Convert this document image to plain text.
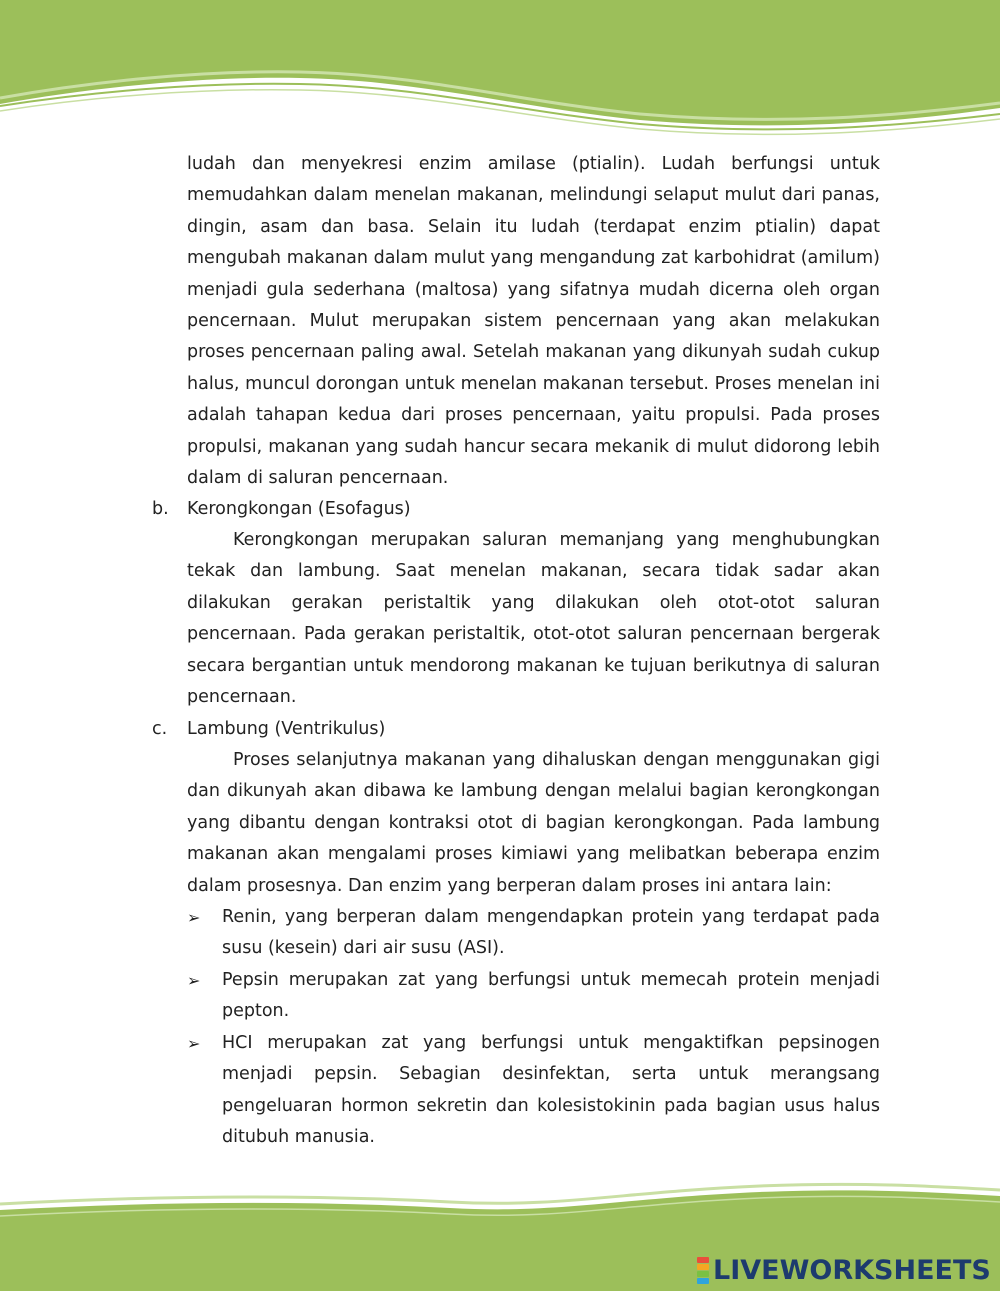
ludah dan menyekresi enzim amilase (ptialin). Ludah berfungsi untuk memudahkan dalam menelan makanan, melindungi selaput mulut dari panas, dingin, asam dan basa. Selain itu ludah (terdapat enzim ptialin) dapat mengubah makanan dalam mulut yang mengandung zat karbohidrat (amilum) menjadi gula sederhana (maltosa) yang sifatnya mudah dicerna oleh organ pencernaan. Mulut merupakan sistem pencernaan yang akan melakukan proses pencernaan paling awal. Setelah makanan yang dikunyah sudah cukup halus, muncul dorongan untuk menelan makanan tersebut. Proses menelan ini adalah tahapan kedua dari proses pencernaan, yaitu propulsi. Pada proses propulsi, makanan yang sudah hancur secara mekanik di mulut didorong lebih dalam di saluran pencernaan.

b.	Kerongkongan (Esofagus)

Kerongkongan merupakan saluran memanjang yang menghubungkan tekak dan lambung. Saat menelan makanan, secara tidak sadar akan dilakukan gerakan peristaltik yang dilakukan oleh otot-otot saluran pencernaan. Pada gerakan peristaltik, otot-otot saluran pencernaan bergerak secara bergantian untuk mendorong makanan ke tujuan berikutnya di saluran pencernaan.

c.	Lambung (Ventrikulus)

Proses selanjutnya makanan yang dihaluskan dengan menggunakan gigi dan dikunyah akan dibawa ke lambung dengan melalui bagian kerongkongan yang dibantu dengan kontraksi otot di bagian kerongkongan. Pada lambung makanan akan mengalami proses kimiawi yang melibatkan beberapa enzim dalam prosesnya. Dan enzim yang berperan dalam proses ini antara lain:

➢ Renin, yang berperan dalam mengendapkan protein yang terdapat pada susu (kesein) dari air susu (ASI).

➢ Pepsin merupakan zat yang berfungsi untuk memecah protein menjadi pepton.

➢ HCI merupakan zat yang berfungsi untuk mengaktifkan pepsinogen menjadi pepsin. Sebagian desinfektan, serta untuk merangsang pengeluaran hormon sekretin dan kolesistokinin pada bagian usus halus ditubuh manusia.

LIVEWORKSHEETS
